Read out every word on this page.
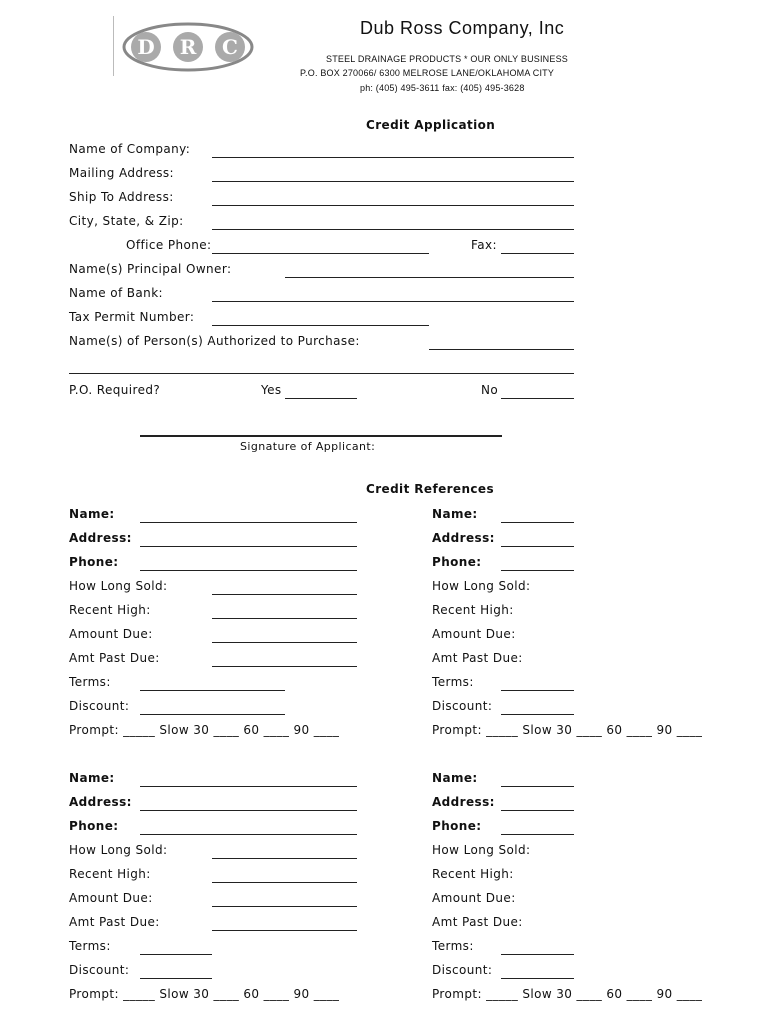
D R C
Dub Ross Company, Inc
STEEL DRAINAGE PRODUCTS * OUR ONLY BUSINESS
P.O. BOX 270066/ 6300 MELROSE LANE/OKLAHOMA CITY
ph: (405) 495-3611 fax: (405) 495-3628
Credit Application
Name of Company:
Mailing Address:
Ship To Address:
City, State, & Zip:
Office Phone:	Fax:
Name(s) Principal Owner:
Name of Bank:
Tax Permit Number:
Name(s) of Person(s) Authorized to Purchase:
P.O. Required?	Yes	No
Signature of Applicant:
Credit References
Name:
Address:
Phone:
How Long Sold:
Recent High:
Amount Due:
Amt Past Due:
Terms:
Discount:
Prompt: _____ Slow 30 ____ 60 ____ 90 ____
Name:
Address:
Phone:
How Long Sold:
Recent High:
Amount Due:
Amt Past Due:
Terms:
Discount:
Prompt: _____ Slow 30 ____ 60 ____ 90 ____
Name:
Address:
Phone:
How Long Sold:
Recent High:
Amount Due:
Amt Past Due:
Terms:
Discount:
Prompt: _____ Slow 30 ____ 60 ____ 90 ____
Name:
Address:
Phone:
How Long Sold:
Recent High:
Amount Due:
Amt Past Due:
Terms:
Discount:
Prompt: _____ Slow 30 ____ 60 ____ 90 ____
